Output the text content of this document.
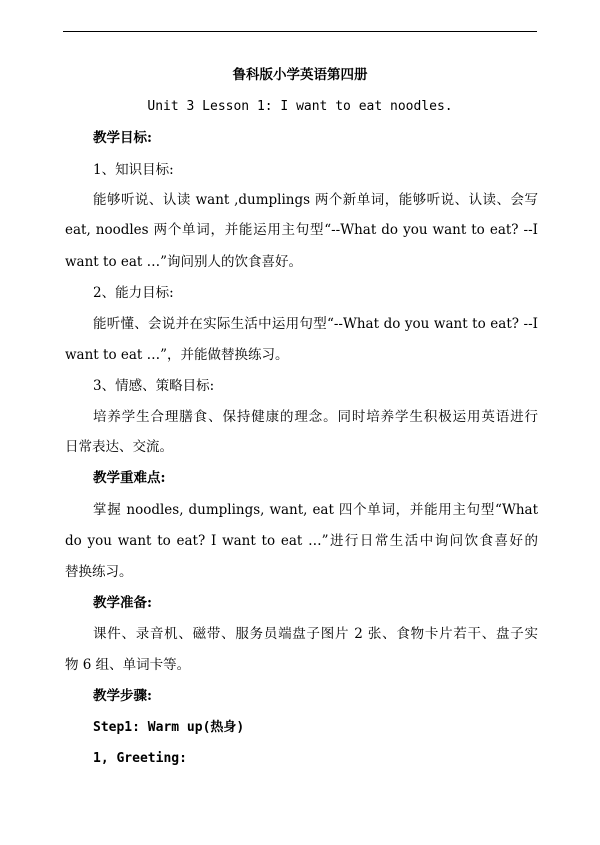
鲁科版小学英语第四册
Unit 3 Lesson 1: I want to eat noodles.
教学目标:
1、知识目标:
能够听说、认读 want ,dumplings 两个新单词，能够听说、认读、会写
eat, noodles 两个单词，并能运用主句型“--What do you want to eat? --I
want to eat …”询问别人的饮食喜好。
2、能力目标:
能听懂、会说并在实际生活中运用句型“--What do you want to eat? --I
want to eat …”，并能做替换练习。
3、情感、策略目标:
培养学生合理膳食、保持健康的理念。同时培养学生积极运用英语进行
日常表达、交流。
教学重难点:
掌握 noodles, dumplings, want, eat 四个单词，并能用主句型“What
do you want to eat? I want to eat …”进行日常生活中询问饮食喜好的
替换练习。
教学准备:
课件、录音机、磁带、服务员端盘子图片 2 张、食物卡片若干、盘子实
物 6 组、单词卡等。
教学步骤:
Step1: Warm up(热身)
1, Greeting:
